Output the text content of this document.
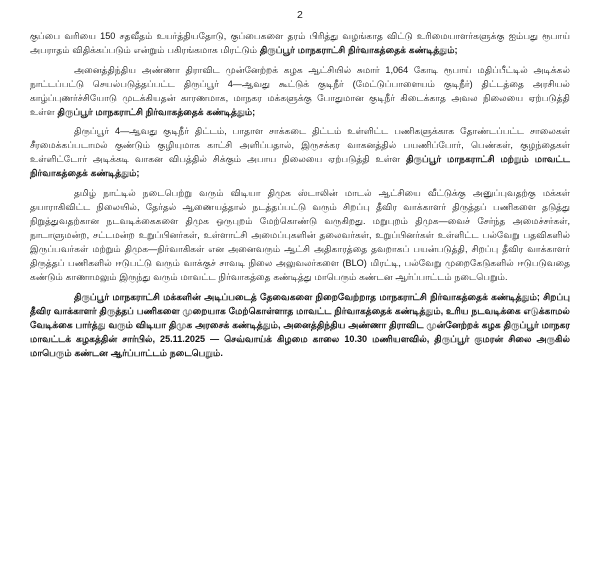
2

குப்பை வரியை 150 சதவீதம் உயர்த்தியதோடு, குப்பைகளை தரம் பிரித்து வழங்காத விட்டு உரிமையாளர்களுக்கு ஐம்பது ரூபாய் அபராதம் விதிக்கப்படும் என்றும் பகிரங்கமாக மிரட்டும் திருப்பூர் மாநகராட்சி நிர்வாகத்தைக் கண்டித்தும்;

அனைத்திந்திய அண்ணா திராவிட முன்னேற்றக் கழக ஆட்சியில் சுமார் 1,064 கோடி ரூபாய் மதிப்பீட்டில் அடிக்கல் நாட்டப்பட்டு செயல்படுத்தப்பட்ட திருப்பூர் 4—ஆவது கூட்டுக் குடிநீர் (மேட்டுப்பாளையம் குடிநீர்) திட்டத்தை அரசியல் காழ்ப்புணர்ச்சியோடு முடக்கியதன் காரணமாக, மாநகர மக்களுக்கு போதுமான குடிநீர் கிடைக்காத அவல நிலையை ஏற்படுத்தி உள்ள திருப்பூர் மாநகராட்சி நிர்வாகத்தைக் கண்டித்தும்;

திருப்பூர் 4—ஆவது குடிநீர் திட்டம், பாதாள சாக்கடை திட்டம் உள்ளிட்ட பணிகளுக்காக தோண்டப்பட்ட சாலைகள் சீரமைக்கப்படாமல் குண்டும் குழியுமாக காட்சி அளிப்பதால், இருசக்கர வாகனத்தில் பயணிப்போர், பெண்கள், குழந்தைகள் உள்ளிட்டோர் அடிக்கடி வாகன விபத்தில் சிக்கும் அபாய நிலையை ஏற்படுத்தி உள்ள திருப்பூர் மாநகராட்சி மற்றும் மாவட்ட நிர்வாகத்தைக் கண்டித்தும்;

தமிழ் நாட்டில் நடைபெற்று வரும் விடியா திமுக ஸ்டாலின் மாடல் ஆட்சியை வீட்டுக்கு அனுப்புவதற்கு மக்கள் தயாராகிவிட்ட நிலையில், தேர்தல் ஆணையத்தால் நடத்தப்பட்டு வரும் சிறப்பு தீவிர வாக்காளர் திருத்தப் பணிகளை தடுத்து நிறுத்துவதற்கான நடவடிக்கைகளை திமுக ஒருபுறம் மேற்கொண்டு வருகிறது. மறுபுறம் திமுக—வைச் சேர்ந்த அமைச்சர்கள், நாடாளுமன்ற, சட்டமன்ற உறுப்பினர்கள், உள்ளாட்சி அமைப்புகளின் தலைவர்கள், உறுப்பினர்கள் உள்ளிட்ட பல்வேறு பதவிகளில் இருப்பவர்கள் மற்றும் திமுக—நிர்வாகிகள் என அனைவரும் ஆட்சி அதிகாரத்தை தவறாகப் பயன்படுத்தி, சிறப்பு தீவிர வாக்காளர் திருத்தப் பணிகளில் ஈடுபட்டு வரும் வாக்குச் சாவடி நிலை அலுவலர்களை (BLO) மிரட்டி, பல்வேறு முறைகேடுகளில் ஈடுபடுவதை கண்டும் காணாமலும் இருந்து வரும் மாவட்ட நிர்வாகத்தை கண்டித்து மாபெரும் கண்டன ஆர்ப்பாட்டம் நடைபெறும்.

திருப்பூர் மாநகராட்சி மக்களின் அடிப்படைத் தேவைகளை நிறைவேற்றாத மாநகராட்சி நிர்வாகத்தைக் கண்டித்தும்; சிறப்பு தீவிர வாக்காளர் திருத்தப் பணிகளை முறையாக மேற்கொள்ளாத மாவட்ட நிர்வாகத்தைக் கண்டித்தும், உரிய நடவடிக்கை எடுக்காமல் வேடிக்கை பார்த்து வரும் விடியா திமுக அரசைக் கண்டித்தும், அனைத்திந்திய அண்ணா திராவிட முன்னேற்றக் கழக திருப்பூர் மாநகர மாவட்டக் கழகத்தின் சார்பில், 25.11.2025 — செவ்வாய்க் கிழமை காலை 10.30 மணியளவில், திருப்பூர் குமரன் சிலை அருகில் மாபெரும் கண்டன ஆர்ப்பாட்டம் நடைபெறும்.
